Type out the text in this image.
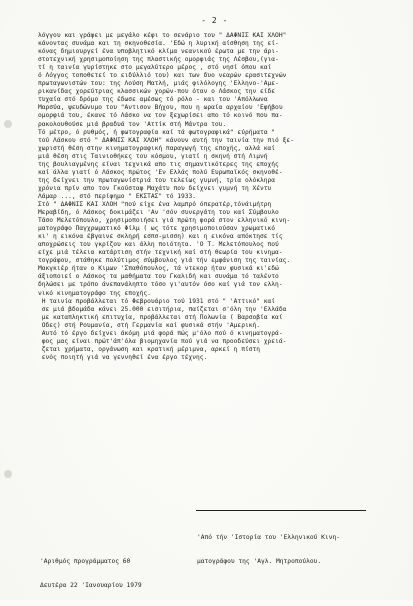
- 2 -
λόγγου και γράφει με μεγάλο κέφι το σενάριο του " ΔΑΦΝΙΣ ΚΑΙ ΧΛΟΗ"
κάνοντας συνάμα και τη σκηνοθεσία. 'Εδώ η λυρική αίσθηση της εί-
κόνας δημιουργεί ένα υποβλητικό κλίμα νεανικού έρωτα με την άρι-
στοτεχνική χρησιμοποίηση της πλαστικής ομορφιάς της Λέσβου,(για-
τί η ταινία γυρίστηκε στο μεγαλύτερο μέρος , στό νησί όπου καί
ό Λόγγος τοποθετεί το ειδύλλιό του) και των δυο νεαρών ερασιτεχνών
πρωταγωνιστών του: της Λούση Ματλή, μιάς φιλόλογης 'Ελληνο-'Αμε-
ρικανίδας χορεύτριας κλασσικών χορών-που όταν ο Λάσκος την είδε
τυχαία στό δρόμο της έδωσε αμέσως τό ρόλο - και του 'Απόλλωνα
Μαρσύα, ψευδώνυμο του "Αντισον Βήχου, που η ωραία αρχαίου 'Εφήβου
ομορφιά του, έκανε τό Λάσκο να τον ξεχωρίσει απο τό κοινό που πα-
ρακολουθούσε μιά βραδυά τον 'Αττίκ στή Μάντρα του.
Τό μέτρο, ό ρυθμός, ή φωτογραφία καί τά φωτογραφικά" εύρήματα "
τού Λάσκου στό " ΔΑΦΝΙΣ ΚΑΙ ΧΛΟΗ" κάνουν αυτή την ταινία την πιό ξε-
χωριστή θέση στην κινηματογραφική παραγωγή της εποχής, αλλά καί
μιά θέση στις Ταινιοθήκες του κόσμου, γιατί η σκηνή στή Λιμνή
της βουλιαγμένης είναι τεχνικά απο τις σημαντικότερες της εποχής
καί άλλα γιατί ό Λάσκος πρώτος 'Εν Ελλάς πολύ Ευρωπαϊκός σκηνοθέ-
της δείχνει την πρωταγωνίστριά του τελείως γυμνή, τρία ολόκληρα
χρόνια πρίν απο τον Γκούσταφ Μαχάτυ που δείχνει γυμνή τη Χέντυ
Λάμαρ ..., στό περίφημο " ΕΚΣΤΑΣ" τό 1933.
Στό " ΔΑΦΝΙΣ ΚΑΙ ΧΛΟΗ "πού είχε ένα λαμπρό όπερατέρ,τόνάιμήτρη
Μεραβίδη, ό Λάσκος δοκιμάζει 'Αν 'σόν συνεργάτη του καί Σύμβουλο
Τάσο Μελετόπουλο, χρησιμοποιήσει γιά πρώτη φορά στον ελληνικό κινη-
ματογράφο Παγχρωματικό Φίλμ ( ως τότε χρησιμοποιούσαν χρωματικό
κι' η εικόνα έβγαινε σκληρή εσπσ-μισση) και η εικόνα απόκτησε τίς
αποχρώσεις του γκρίζου και άλλη ποιότητα. 'Ο Τ. Μελετόπουλος πού
είχε μιά τέλεια κατάρτιση στήν τεχνική καί στή θεωρία του κινημα-
τογράφου, στάθηκε πολύτιμος σύμβουλος γιά τήν εμφάνιση της ταινίας.
Μακγκιέρ ήταν ο Κιμων 'Σπαθόπουλος, τά ντεκορ ήταν φυσικά κι'εδώ
άξιοποιεί ο Λάσκος τα μαθήματα του Γκαλιδή και συνάμα τό ταλέντο
δηλώσει με τρόπο άνεπανάληπτο τόσο γι'αυτόν όσο καί γιά τον ελλη-
νικό κινηματογράφο της εποχής.
Η ταινία προβάλλεται τό Φεβρουάριο τού 1931 στό " 'Αττικό" καί
σε μιά βδομάδα κάνει 25.000 εισιτήρια, παίζεται σ'όλη την 'Ελλάδα
με καταπληκτική επιτυχία, προβάλλεται στή Πολωνία ( Βαρσοβία καί
Οδες) στή Ρουμανία, στή Γερμανία καί φυσικά στήν 'Αμερική.
Αυτό τό έργο δείχνει άκόμη μιά φορά πώς μ'όλο πού ό κινηματογρά-
φος μας είναι πρώτ'άπ'όλα βιομηχανία πού γιά να προοδεύσει χρειά-
ζεται χρήματα, οργάνωση και κρατική μέριμνα, αρκεί η πίστη
ενός ποιητή γιά να γεννηθεί ένα έργο τέχνης.

'Από τήν 'Ιστορία του 'Ελληνικού Κινη-

ματογράφου της 'Αγλ. Μητροπούλου.

'Αριθμός προγράμματος 60

Δευτέρα 22 'Ιανουαρίου 1979
